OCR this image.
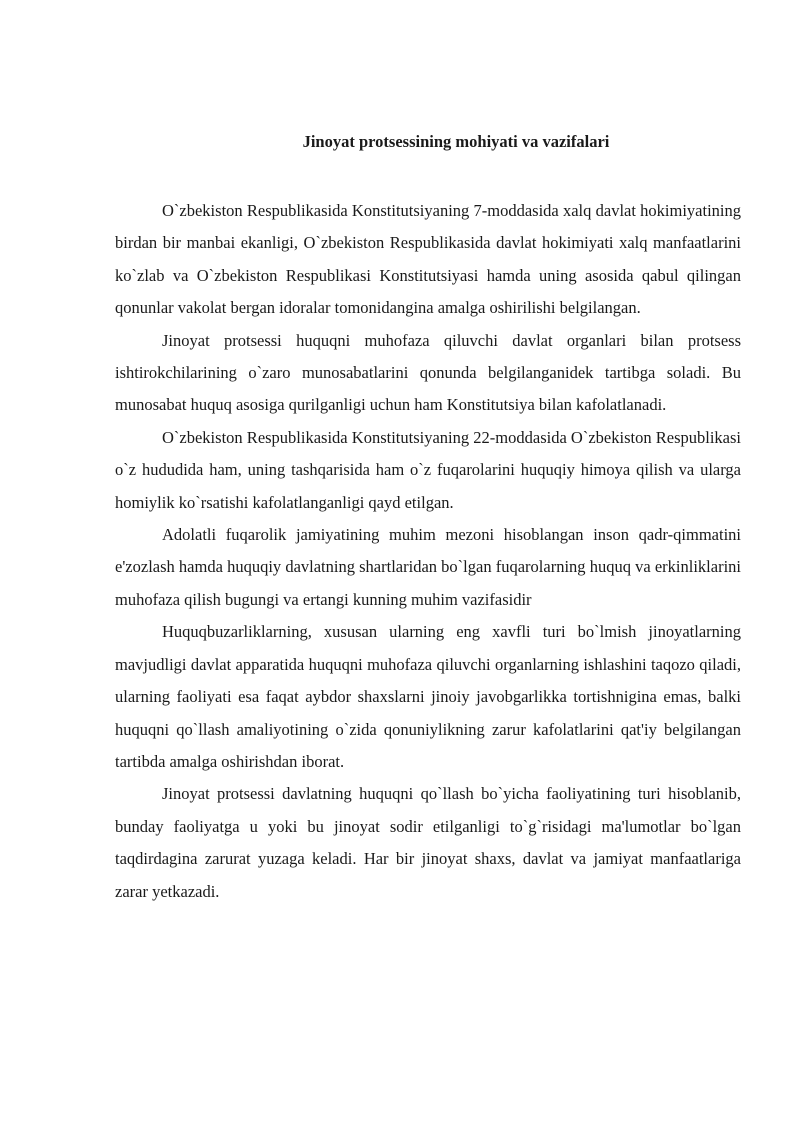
Jinoyat protsessining mohiyati va vazifalari

O`zbekiston Respublikasida Konstitutsiyaning 7-moddasida xalq davlat hokimiyatining birdan bir manbai ekanligi, O`zbekiston Respublikasida davlat hokimiyati xalq manfaatlarini ko`zlab va O`zbekiston Respublikasi Konstitutsiyasi hamda uning asosida qabul qilingan qonunlar vakolat bergan idoralar tomonidangina amalga oshirilishi belgilangan.

Jinoyat protsessi huquqni muhofaza qiluvchi davlat organlari bilan protsess ishtirokchilarining o`zaro munosabatlarini qonunda belgilanganidek tartibga soladi. Bu munosabat huquq asosiga qurilganligi uchun ham Konstitutsiya bilan kafolatlanadi.

O`zbekiston Respublikasida Konstitutsiyaning 22-moddasida O`zbekiston Respublikasi o`z hududida ham, uning tashqarisida ham o`z fuqarolarini huquqiy himoya qilish va ularga homiylik ko`rsatishi kafolatlanganligi qayd etilgan.

Adolatli fuqarolik jamiyatining muhim mezoni hisoblangan inson qadr-qimmatini e'zozlash hamda huquqiy davlatning shartlaridan bo`lgan fuqarolarning huquq va erkinliklarini muhofaza qilish bugungi va ertangi kunning muhim vazifasidir

Huquqbuzarliklarning, xususan ularning eng xavfli turi bo`lmish jinoyatlarning mavjudligi davlat apparatida huquqni muhofaza qiluvchi organlarning ishlashini taqozo qiladi, ularning faoliyati esa faqat aybdor shaxslarni jinoiy javobgarlikka tortishnigina emas, balki huquqni qo`llash amaliyotining o`zida qonuniylikning zarur kafolatlarini qat'iy belgilangan tartibda amalga oshirishdan iborat.

Jinoyat protsessi davlatning huquqni qo`llash bo`yicha faoliyatining turi hisoblanib, bunday faoliyatga u yoki bu jinoyat sodir etilganligi to`g`risidagi ma'lumotlar bo`lgan taqdirdagina zarurat yuzaga keladi. Har bir jinoyat shaxs, davlat va jamiyat manfaatlariga zarar yetkazadi.
